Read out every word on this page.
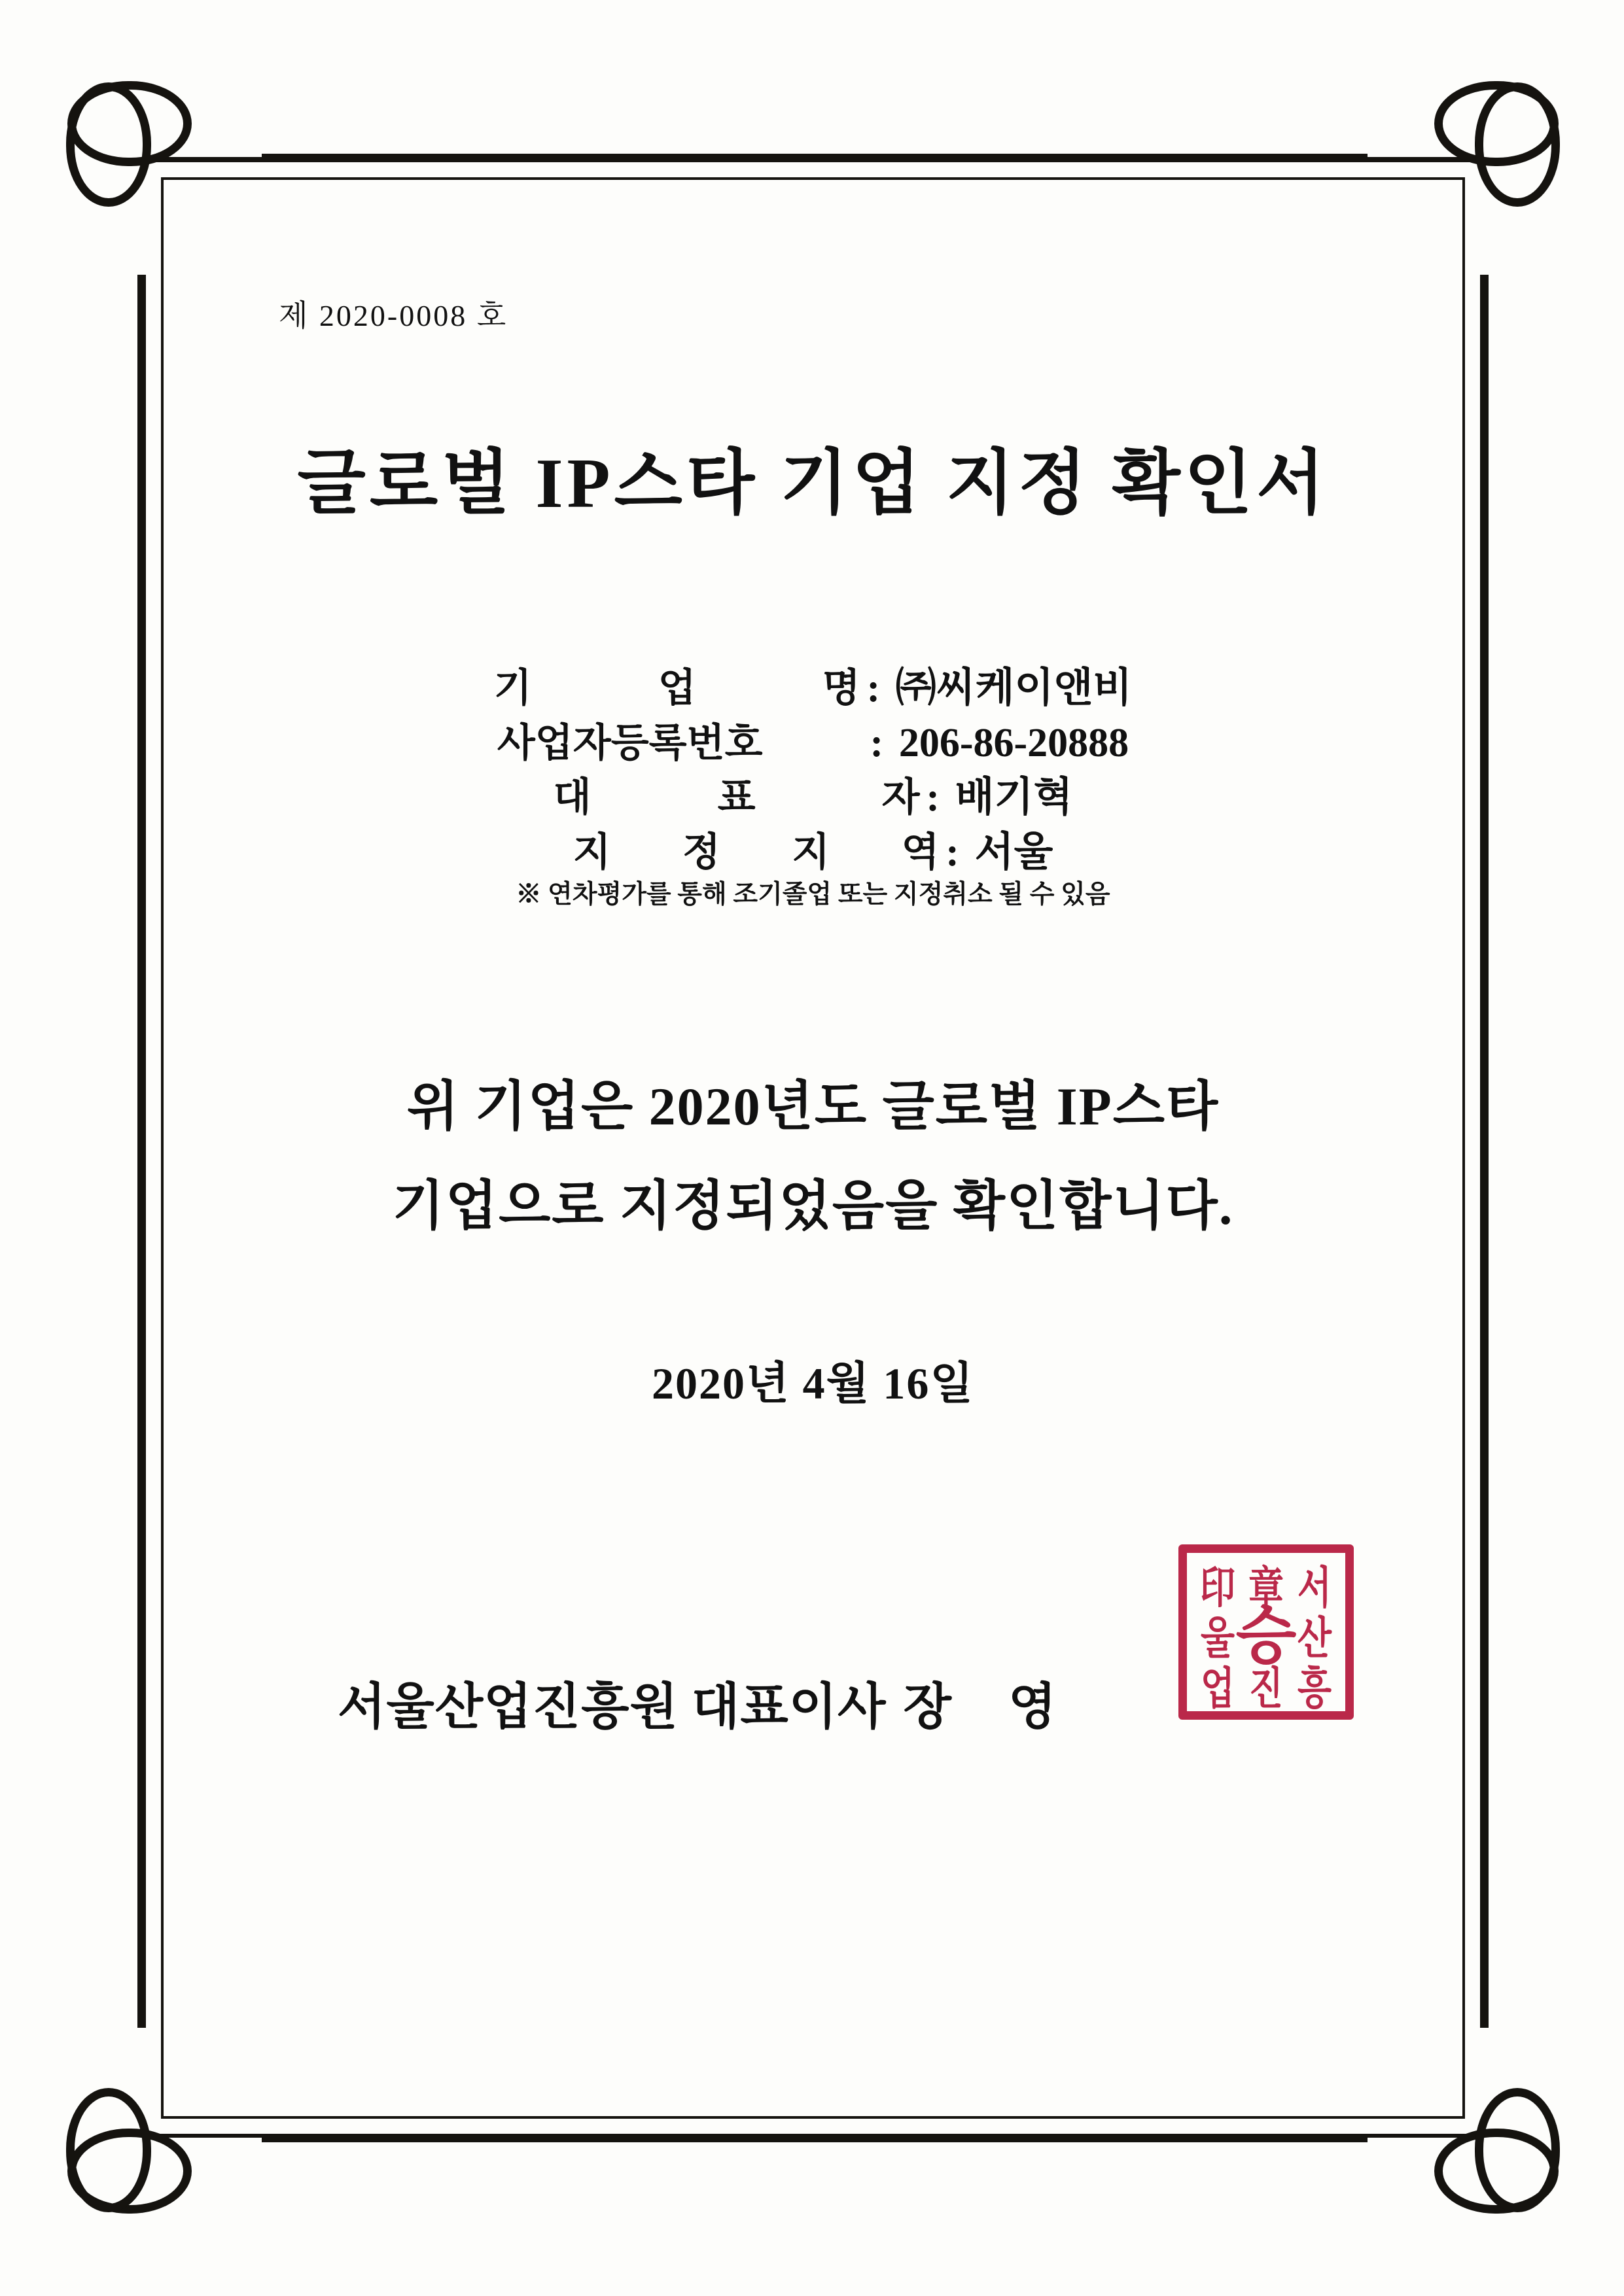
제 2020-0008 호
글로벌 IP스타 기업 지정 확인서
기 업 명 : ㈜씨케이앤비
사업자등록번호	: 206-86-20888
대 표 자 : 배기혁
지 정 지 역 : 서울
※ 연차평가를 통해 조기졸업 또는 지정취소 될 수 있음
위 기업은 2020년도 글로벌 IP스타
기업으로 지정되었음을 확인합니다.
2020년 4월 16일

서울산업진흥원 대표이사 장 영

印 章 서
울 산
업 진 흥
승
